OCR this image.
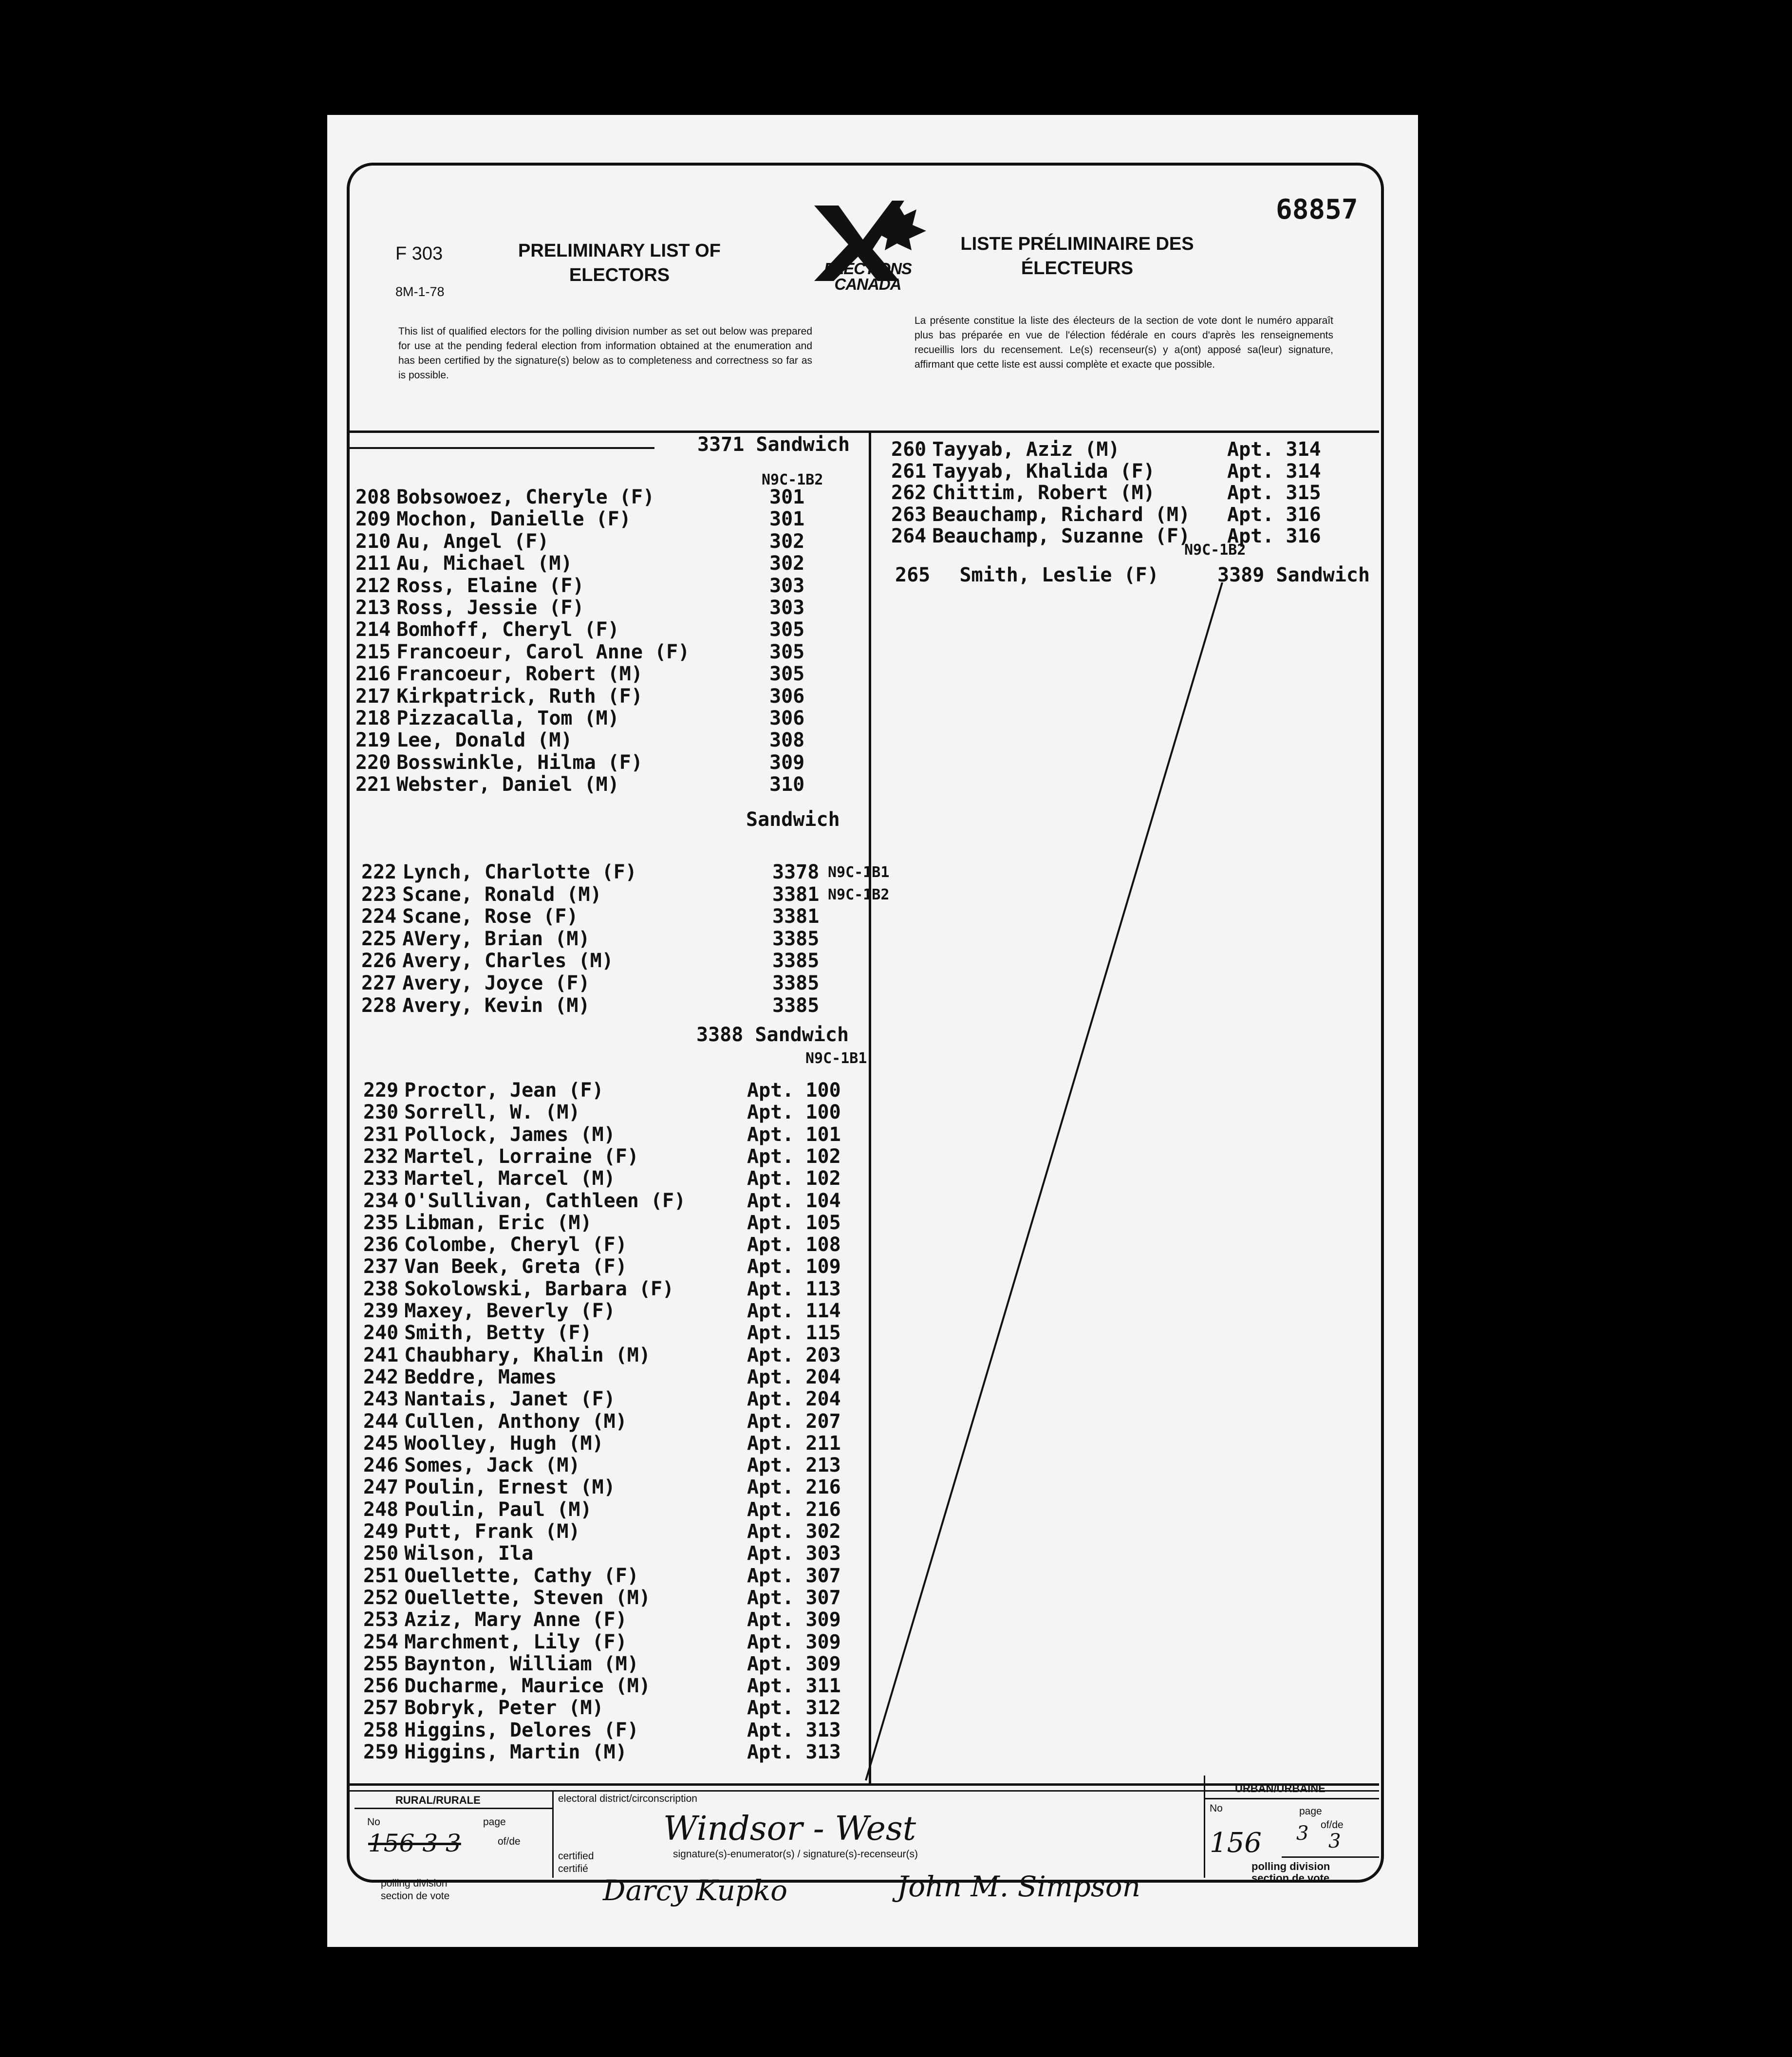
F 303
8M-1-78
PRELIMINARY LIST OF
ELECTORS
LISTE PRÉLIMINAIRE DES
ÉLECTEURS
68857
ELECTIONS
CANADA
This list of qualified electors for the polling division number as set out below was prepared for use at the pending federal election from information obtained at the enumeration and has been certified by the signature(s) below as to completeness and correctness so far as is possible.
La présente constitue la liste des électeurs de la section de vote dont le numéro apparaît plus bas préparée en vue de l'élection fédérale en cours d'après les renseignements recueillis lors du recensement. Le(s) recenseur(s) y a(ont) apposé sa(leur) signature, affirmant que cette liste est aussi complète et exacte que possible.
3371 Sandwich
N9C-1B2
208 Bobsowoez, Cheryle (F)	301
209 Mochon, Danielle (F)	301
210 Au, Angel (F)	302
211 Au, Michael (M)	302
212 Ross, Elaine (F)	303
213 Ross, Jessie (F)	303
214 Bomhoff, Cheryl (F)	305
215 Francoeur, Carol Anne (F)	305
216 Francoeur, Robert (M)	305
217 Kirkpatrick, Ruth (F)	306
218 Pizzacalla, Tom (M)	306
219 Lee, Donald (M)	308
220 Bosswinkle, Hilma (F)	309
221 Webster, Daniel (M)	310
Sandwich
222 Lynch, Charlotte (F)	3378 N9C-1B1
223 Scane, Ronald (M)	3381 N9C-1B2
224 Scane, Rose (F)	3381
225 AVery, Brian (M)	3385
226 Avery, Charles (M)	3385
227 Avery, Joyce (F)	3385
228 Avery, Kevin (M)	3385
3388 Sandwich
N9C-1B1
229 Proctor, Jean (F)	Apt. 100
230 Sorrell, W. (M)	Apt. 100
231 Pollock, James (M)	Apt. 101
232 Martel, Lorraine (F)	Apt. 102
233 Martel, Marcel (M)	Apt. 102
234 O'Sullivan, Cathleen (F)	Apt. 104
235 Libman, Eric (M)	Apt. 105
236 Colombe, Cheryl (F)	Apt. 108
237 Van Beek, Greta (F)	Apt. 109
238 Sokolowski, Barbara (F)	Apt. 113
239 Maxey, Beverly (F)	Apt. 114
240 Smith, Betty (F)	Apt. 115
241 Chaubhary, Khalin (M)	Apt. 203
242 Beddre, Mames	Apt. 204
243 Nantais, Janet (F)	Apt. 204
244 Cullen, Anthony (M)	Apt. 207
245 Woolley, Hugh (M)	Apt. 211
246 Somes, Jack (M)	Apt. 213
247 Poulin, Ernest (M)	Apt. 216
248 Poulin, Paul (M)	Apt. 216
249 Putt, Frank (M)	Apt. 302
250 Wilson, Ila	Apt. 303
251 Ouellette, Cathy (F)	Apt. 307
252 Ouellette, Steven (M)	Apt. 307
253 Aziz, Mary Anne (F)	Apt. 309
254 Marchment, Lily (F)	Apt. 309
255 Baynton, William (M)	Apt. 309
256 Ducharme, Maurice (M)	Apt. 311
257 Bobryk, Peter (M)	Apt. 312
258 Higgins, Delores (F)	Apt. 313
259 Higgins, Martin (M)	Apt. 313
260 Tayyab, Aziz (M)	Apt. 314
261 Tayyab, Khalida (F)	Apt. 314
262 Chittim, Robert (M)	Apt. 315
263 Beauchamp, Richard (M) Apt. 316
264 Beauchamp, Suzanne (F) Apt. 316
N9C-1B2
265 Smith, Leslie (F)	3389 Sandwich
RURAL/RURALE
No	page
of/de
156 3 3
polling division
section de vote
electoral district/circonscription
Windsor - West
signature(s)-enumerator(s) / signature(s)-recenseur(s)
certified
certifié
Darcy Kupko	John M. Simpson
URBAN/URBAINE
No	page
156 3 of/de
3
polling division
section de vote
